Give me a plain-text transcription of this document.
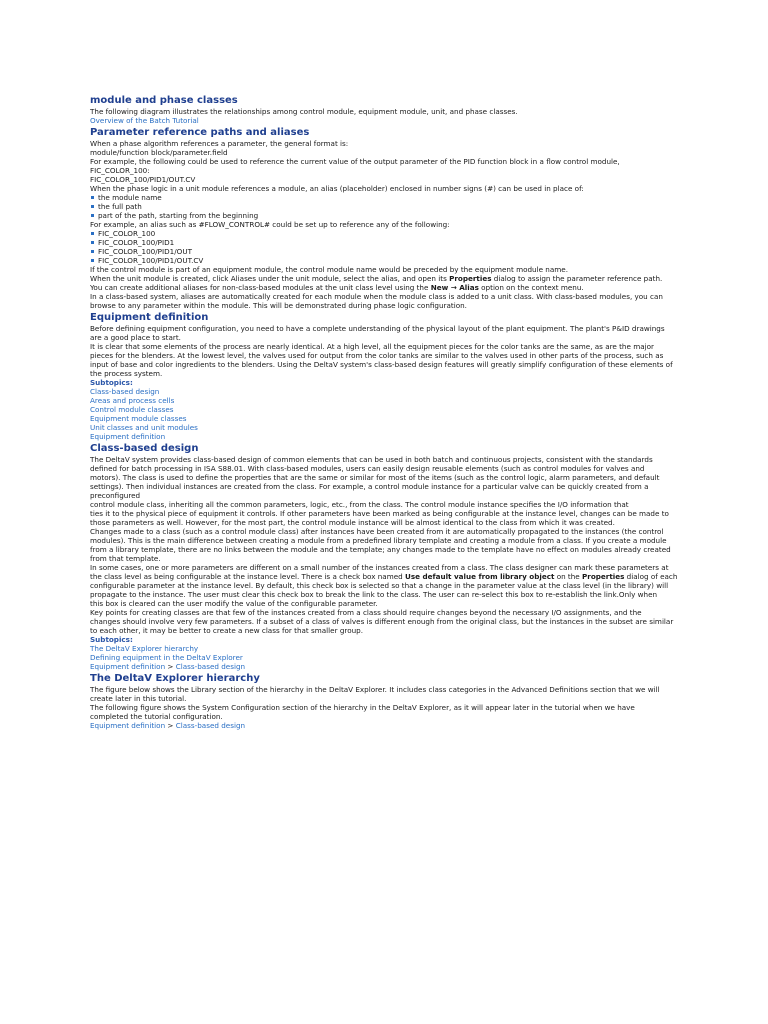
module and phase classes
The following diagram illustrates the relationships among control module, equipment module, unit, and phase classes.
Overview of the Batch Tutorial
Parameter reference paths and aliases
When a phase algorithm references a parameter, the general format is:
module/function block/parameter.field
For example, the following could be used to reference the current value of the output parameter of the PID function block in a flow control module,
FIC_COLOR_100:
FIC_COLOR_100/PID1/OUT.CV
When the phase logic in a unit module references a module, an alias (placeholder) enclosed in number signs (#) can be used in place of:
the module name
the full path
part of the path, starting from the beginning
For example, an alias such as #FLOW_CONTROL# could be set up to reference any of the following:
FIC_COLOR_100
FIC_COLOR_100/PID1
FIC_COLOR_100/PID1/OUT
FIC_COLOR_100/PID1/OUT.CV
If the control module is part of an equipment module, the control module name would be preceded by the equipment module name.
When the unit module is created, click Aliases under the unit module, select the alias, and open its Properties dialog to assign the parameter reference path.
You can create additional aliases for non-class-based modules at the unit class level using the New → Alias option on the context menu.
In a class-based system, aliases are automatically created for each module when the module class is added to a unit class. With class-based modules, you can
browse to any parameter within the module. This will be demonstrated during phase logic configuration.
Equipment definition
Before defining equipment configuration, you need to have a complete understanding of the physical layout of the plant equipment. The plant's P&ID drawings
are a good place to start.
It is clear that some elements of the process are nearly identical. At a high level, all the equipment pieces for the color tanks are the same, as are the major
pieces for the blenders. At the lowest level, the valves used for output from the color tanks are similar to the valves used in other parts of the process, such as
input of base and color ingredients to the blenders. Using the DeltaV system's class-based design features will greatly simplify configuration of these elements of
the process system.
Subtopics:
Class-based design
Areas and process cells
Control module classes
Equipment module classes
Unit classes and unit modules
Equipment definition
Class-based design
The DeltaV system provides class-based design of common elements that can be used in both batch and continuous projects, consistent with the standards
defined for batch processing in ISA S88.01. With class-based modules, users can easily design reusable elements (such as control modules for valves and
motors). The class is used to define the properties that are the same or similar for most of the items (such as the control logic, alarm parameters, and default
settings). Then individual instances are created from the class. For example, a control module instance for a particular valve can be quickly created from a preconfigured
control module class, inheriting all the common parameters, logic, etc., from the class. The control module instance specifies the I/O information that
ties it to the physical piece of equipment it controls. If other parameters have been marked as being configurable at the instance level, changes can be made to
those parameters as well. However, for the most part, the control module instance will be almost identical to the class from which it was created.
Changes made to a class (such as a control module class) after instances have been created from it are automatically propagated to the instances (the control
modules). This is the main difference between creating a module from a predefined library template and creating a module from a class. If you create a module
from a library template, there are no links between the module and the template; any changes made to the template have no effect on modules already created
from that template.
In some cases, one or more parameters are different on a small number of the instances created from a class. The class designer can mark these parameters at
the class level as being configurable at the instance level. There is a check box named Use default value from library object on the Properties dialog of each
configurable parameter at the instance level. By default, this check box is selected so that a change in the parameter value at the class level (in the library) will
propagate to the instance. The user must clear this check box to break the link to the class. The user can re-select this box to re-establish the link.Only when
this box is cleared can the user modify the value of the configurable parameter.
Key points for creating classes are that few of the instances created from a class should require changes beyond the necessary I/O assignments, and the
changes should involve very few parameters. If a subset of a class of valves is different enough from the original class, but the instances in the subset are similar
to each other, it may be better to create a new class for that smaller group.
Subtopics:
The DeltaV Explorer hierarchy
Defining equipment in the DeltaV Explorer
Equipment definition > Class-based design
The DeltaV Explorer hierarchy
The figure below shows the Library section of the hierarchy in the DeltaV Explorer. It includes class categories in the Advanced Definitions section that we will
create later in this tutorial.
The following figure shows the System Configuration section of the hierarchy in the DeltaV Explorer, as it will appear later in the tutorial when we have
completed the tutorial configuration.
Equipment definition > Class-based design
